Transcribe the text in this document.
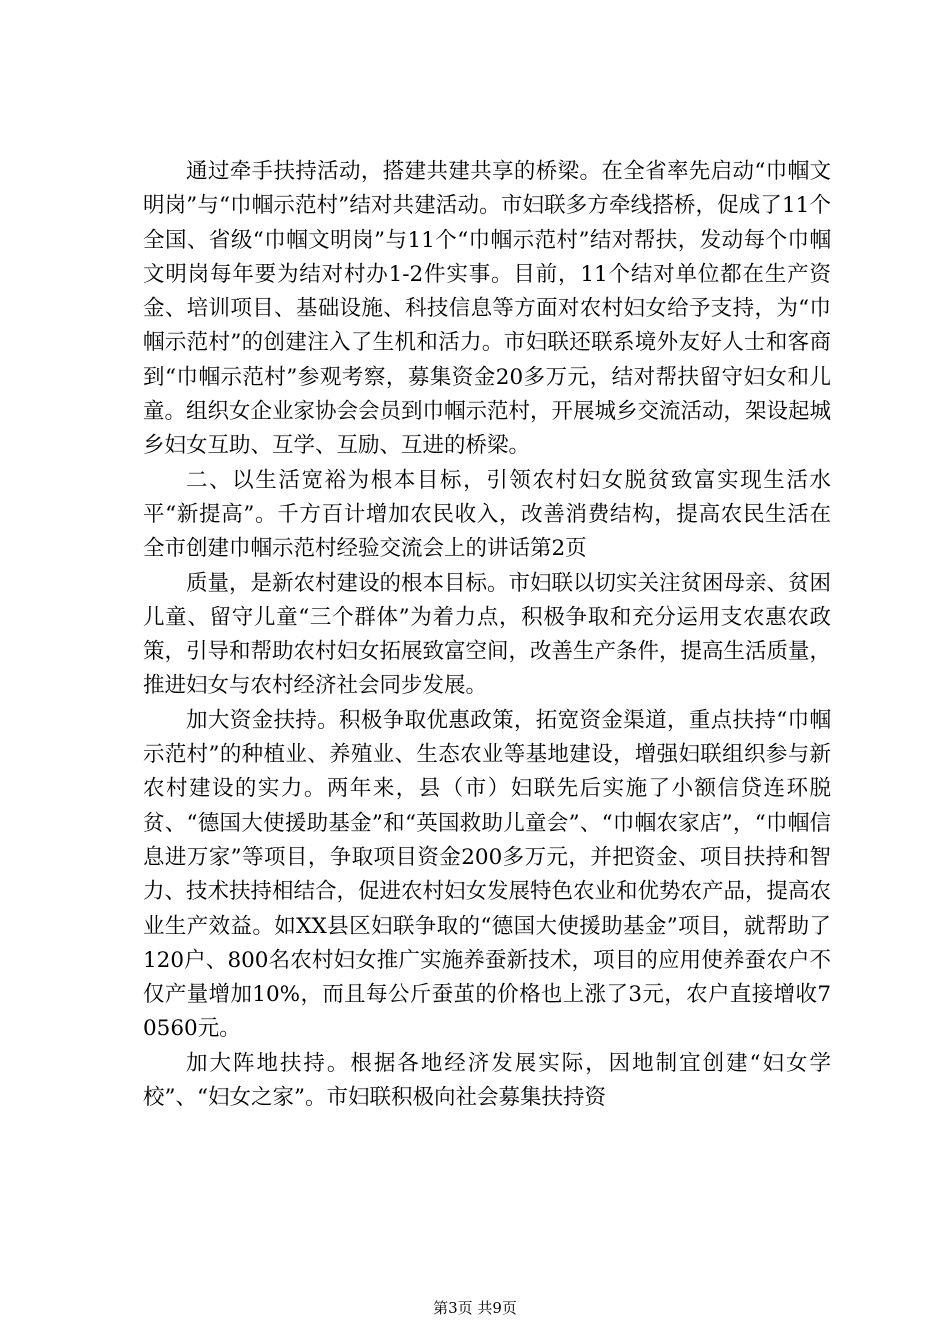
通过牵手扶持活动，搭建共建共享的桥梁。在全省率先启动“巾帼文明岗”与“巾帼示范村”结对共建活动。市妇联多方牵线搭桥，促成了11个全国、省级“巾帼文明岗”与11个“巾帼示范村”结对帮扶，发动每个巾帼文明岗每年要为结对村办1-2件实事。目前，11个结对单位都在生产资金、培训项目、基础设施、科技信息等方面对农村妇女给予支持，为“巾帼示范村”的创建注入了生机和活力。市妇联还联系境外友好人士和客商到“巾帼示范村”参观考察，募集资金20多万元，结对帮扶留守妇女和儿童。组织女企业家协会会员到巾帼示范村，开展城乡交流活动，架设起城乡妇女互助、互学、互励、互进的桥梁。

二、以生活宽裕为根本目标，引领农村妇女脱贫致富实现生活水平“新提高”。千方百计增加农民收入，改善消费结构，提高农民生活在全市创建巾帼示范村经验交流会上的讲话第2页

质量，是新农村建设的根本目标。市妇联以切实关注贫困母亲、贫困儿童、留守儿童“三个群体”为着力点，积极争取和充分运用支农惠农政策，引导和帮助农村妇女拓展致富空间，改善生产条件，提高生活质量，推进妇女与农村经济社会同步发展。

加大资金扶持。积极争取优惠政策，拓宽资金渠道，重点扶持“巾帼示范村”的种植业、养殖业、生态农业等基地建设，增强妇联组织参与新农村建设的实力。两年来，县（市）妇联先后实施了小额信贷连环脱贫、“德国大使援助基金”和“英国救助儿童会”、“巾帼农家店”，“巾帼信息进万家”等项目，争取项目资金200多万元，并把资金、项目扶持和智力、技术扶持相结合，促进农村妇女发展特色农业和优势农产品，提高农业生产效益。如XX县区妇联争取的“德国大使援助基金”项目，就帮助了120户、800名农村妇女推广实施养蚕新技术，项目的应用使养蚕农户不仅产量增加10%，而且每公斤蚕茧的价格也上涨了3元，农户直接增收70560元。

加大阵地扶持。根据各地经济发展实际，因地制宜创建“妇女学校”、“妇女之家”。市妇联积极向社会募集扶持资

第3页 共9页
